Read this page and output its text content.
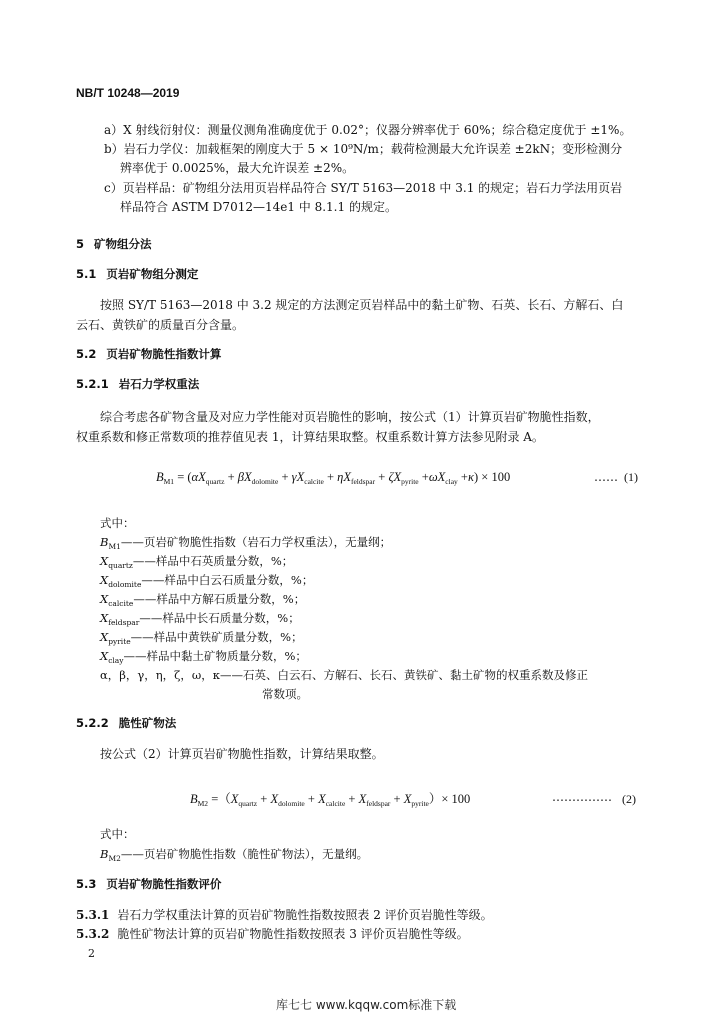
NB/T 10248—2019
a）X 射线衍射仪：测量仪测角准确度优于 0.02°；仪器分辨率优于 60%；综合稳定度优于 ±1%。
b）岩石力学仪：加载框架的刚度大于 5 × 10⁹N/m；载荷检测最大允许误差 ±2kN；变形检测分
辨率优于 0.0025%，最大允许误差 ±2%。
c）页岩样品：矿物组分法用页岩样品符合 SY/T 5163—2018 中 3.1 的规定；岩石力学法用页岩
样品符合 ASTM D7012—14e1 中 8.1.1 的规定。
5 矿物组分法
5.1 页岩矿物组分测定
按照 SY/T 5163—2018 中 3.2 规定的方法测定页岩样品中的黏土矿物、石英、长石、方解石、白
云石、黄铁矿的质量百分含量。
5.2 页岩矿物脆性指数计算
5.2.1 岩石力学权重法
综合考虑各矿物含量及对应力学性能对页岩脆性的影响，按公式（1）计算页岩矿物脆性指数，
权重系数和修正常数项的推荐值见表 1，计算结果取整。权重系数计算方法参见附录 A。
$B_{M1} = (\alpha X_{quartz} + \beta X_{dolomite} + \gamma X_{calcite} + \eta X_{feldspar} + \zeta X_{pyrite} +\omega X_{clay} +\kappa) \times 100$	…… (1)
式中：
$B_{M1}——$页岩矿物脆性指数（岩石力学权重法），无量纲；
$X_{quartz}——$样品中石英质量分数，%；
$X_{dolomite}——$样品中白云石质量分数，%；
$X_{calcite}——$样品中方解石质量分数，%；
$X_{feldspar}——$样品中长石质量分数，%；
$X_{pyrite}——$样品中黄铁矿质量分数，%；
$X_{clay}——$样品中黏土矿物质量分数，%；
α，β，γ，η，ζ，ω，κ——石英、白云石、方解石、长石、黄铁矿、黏土矿物的权重系数及修正
常数项。
5.2.2 脆性矿物法
按公式（2）计算页岩矿物脆性指数，计算结果取整。
$B_{M2} =(X_{quartz} + X_{dolomite} + X_{calcite} + X_{feldspar} + X_{pyrite})\times 100$	…………… (2)
式中：
$B_{M2}——$页岩矿物脆性指数（脆性矿物法），无量纲。
5.3 页岩矿物脆性指数评价
5.3.1 岩石力学权重法计算的页岩矿物脆性指数按照表 2 评价页岩脆性等级。
5.3.2 脆性矿物法计算的页岩矿物脆性指数按照表 3 评价页岩脆性等级。
2
库七七 www.kqqw.com标准下载
